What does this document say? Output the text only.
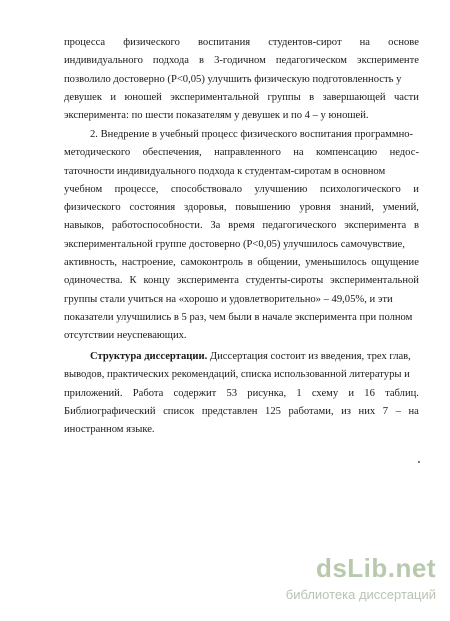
процесса физического воспитания студентов-сирот на основе
индивидуального подхода в 3-годичном педагогическом эксперименте
позволило достоверно (Р<0,05) улучшить физическую подготовленность у
девушек и юношей экспериментальной группы в завершающей части
эксперимента: по шести показателям у девушек и по 4 – у юношей.
2. Внедрение в учебный процесс физического воспитания программно-
методического обеспечения, направленного на компенсацию недос-
таточности индивидуального подхода к студентам-сиротам в основном
учебном процессе, способствовало улучшению психологического и
физического состояния здоровья, повышению уровня знаний, умений,
навыков, работоспособности. За время педагогического эксперимента в
экспериментальной группе достоверно (Р<0,05) улучшилось самочувствие,
активность, настроение, самоконтроль в общении, уменьшилось ощущение
одиночества. К концу эксперимента студенты-сироты экспериментальной
группы стали учиться на «хорошо и удовлетворительно» – 49,05%, и эти
показатели улучшились в 5 раз, чем были в начале эксперимента при полном
отсутствии неуспевающих.
Структура диссертации. Диссертация состоит из введения, трех глав,
выводов, практических рекомендаций, списка использованной литературы и
приложений. Работа содержит 53 рисунка, 1 схему и 16 таблиц.
Библиографический список представлен 125 работами, из них 7 – на
иностранном языке.
dsLib.net
библиотека диссертаций
